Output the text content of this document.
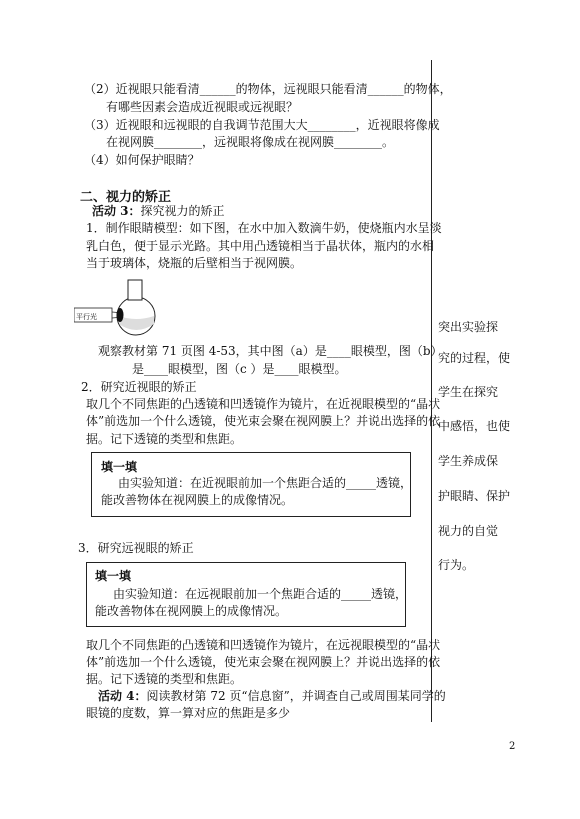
（2）近视眼只能看清______的物体，远视眼只能看清______的物体，
有哪些因素会造成近视眼或远视眼？
（3）近视眼和远视眼的自我调节范围大大________，近视眼将像成
在视网膜________，远视眼将像成在视网膜________。
（4）如何保护眼睛？
二、视力的矫正
活动 3：探究视力的矫正
1．制作眼睛模型：如下图，在水中加入数滴牛奶，使烧瓶内水呈淡
乳白色，便于显示光路。其中用凸透镜相当于晶状体，瓶内的水相
当于玻璃体，烧瓶的后壁相当于视网膜。
平行光
观察教材第 71 页图 4-53，其中图（a）是____眼模型，图（b）
是____眼模型，图（c ）是____眼模型。
2．研究近视眼的矫正
取几个不同焦距的凸透镜和凹透镜作为镜片，在近视眼模型的“晶状
体”前选加一个什么透镜，使光束会聚在视网膜上？并说出选择的依
据。记下透镜的类型和焦距。
填一填
由实验知道：在近视眼前加一个焦距合适的_____透镜，
能改善物体在视网膜上的成像情况。
3．研究远视眼的矫正
填一填
由实验知道：在远视眼前加一个焦距合适的_____透镜，
能改善物体在视网膜上的成像情况。
取几个不同焦距的凸透镜和凹透镜作为镜片，在远视眼模型的“晶状
体”前选加一个什么透镜，使光束会聚在视网膜上？并说出选择的依
据。记下透镜的类型和焦距。
活动 4：阅读教材第 72 页“信息窗”，并调查自己或周围某同学的
眼镜的度数，算一算对应的焦距是多少
突出实验探
究的过程，使
学生在探究
中感悟，也使
学生养成保
护眼睛、保护
视力的自觉
行为。
2
